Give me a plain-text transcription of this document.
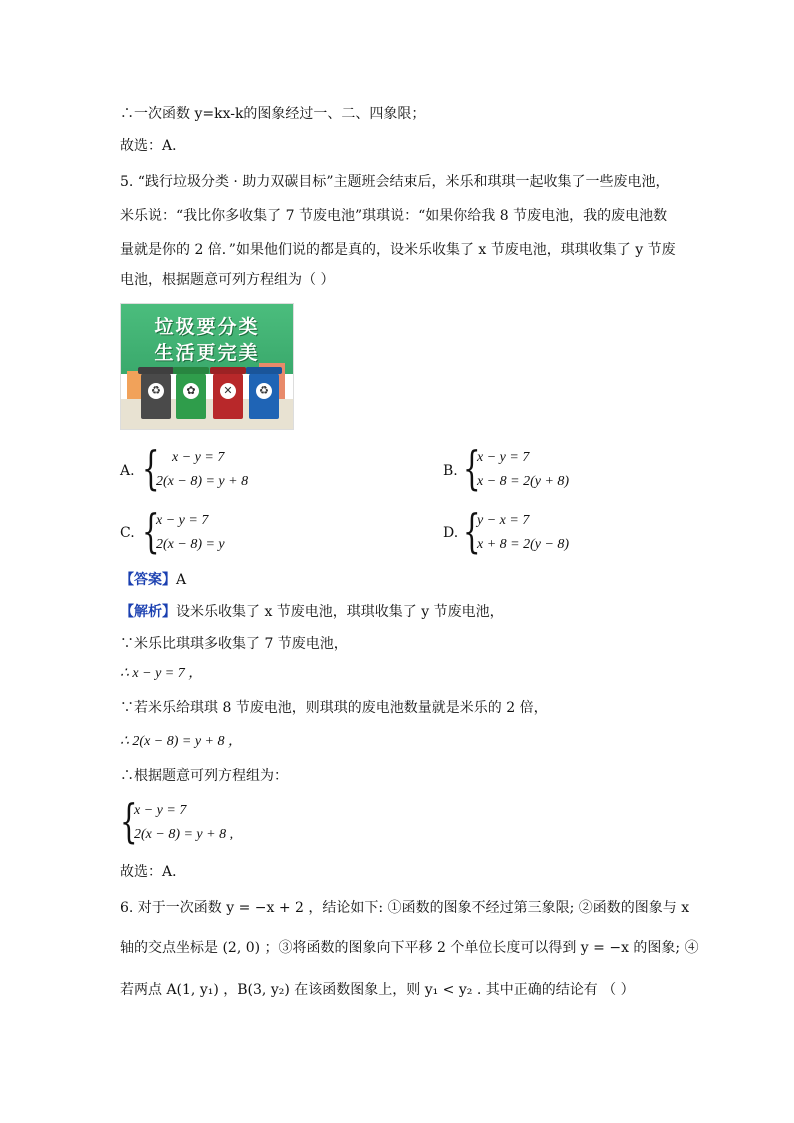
∴一次函数 y=kx-k的图象经过一、二、四象限；
故选：A．
5. “践行垃圾分类 · 助力双碳目标”主题班会结束后，米乐和琪琪一起收集了一些废电池，
米乐说：“我比你多收集了 7 节废电池”琪琪说：“如果你给我 8 节废电池，我的废电池数
量就是你的 2 倍．”如果他们说的都是真的，设米乐收集了 x 节废电池，琪琪收集了 y 节废
电池，根据题意可列方程组为（ ）
垃圾要分类
生活更完美
♻	✿	✕	♻
A. { x − y = 7
2(x − 8) = y + 8
B. {
x − y = 7
x − 8 = 2(y + 8)
C. {
x − y = 7
2(x − 8) = y
D. {
y − x = 7
x + 8 = 2(y − 8)
【答案】A
【解析】设米乐收集了 x 节废电池，琪琪收集了 y 节废电池，
∵米乐比琪琪多收集了 7 节废电池，
∴ x − y = 7 ，
∵若米乐给琪琪 8 节废电池，则琪琪的废电池数量就是米乐的 2 倍，
∴ 2(x − 8) = y + 8 ，
∴根据题意可列方程组为：
{
x − y = 7
2(x − 8) = y + 8 ,
故选：A．
6. 对于一次函数 y = −x + 2 ，结论如下: ①函数的图象不经过第三象限; ②函数的图象与 x
轴的交点坐标是 (2, 0) ；③将函数的图象向下平移 2 个单位长度可以得到 y = −x 的图象; ④
若两点 A(1, y₁) ，B(3, y₂) 在该函数图象上，则 y₁ < y₂ . 其中正确的结论有 （ ）
